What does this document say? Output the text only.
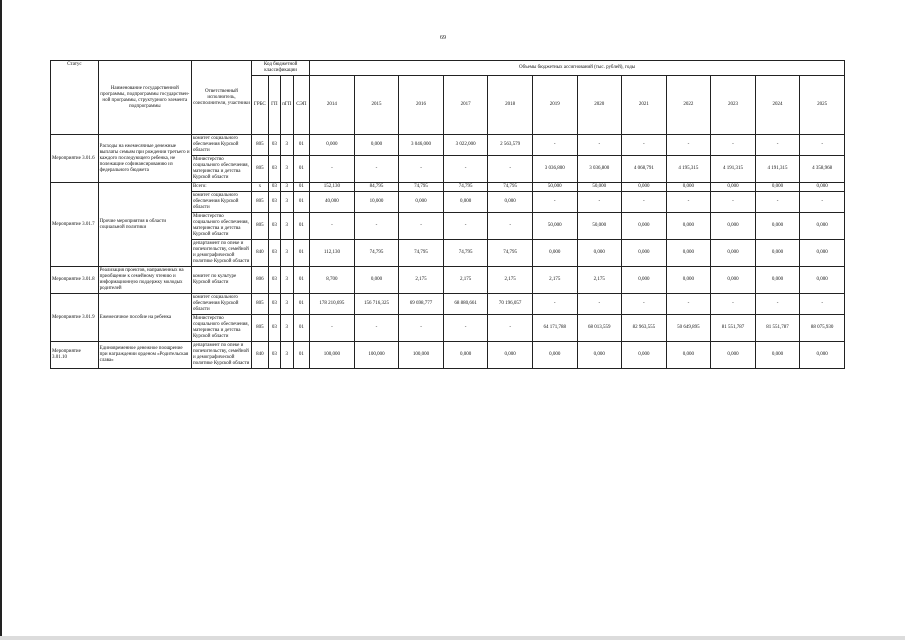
69
Статус	Наименование государственной программы, подпрограммы государствен-ной программы, структурного элемента подпрограммы	Ответственный исполнитель, соисполнители, участники	Код бюджетной классификации				Объемы бюджетных ассигнований (тыс. рублей), годы											
			ГРБС	ГП	пГП	СЭП	2014	2015	2016	2017	2018	2019	2020	2021	2022	2023	2024	2025
Мероприятие 3.01.6	Расходы на ежемесячные денежные выплаты семьям при рождении третьего и каждого последующего ребенка, не полежащие софинансированию из федерального бюджета	комитет социального обеспечения Курской области	805	03	3	01	0,000	0,000	3 046,000	3 022,000	2 563,579	-	-	-	-	-	-	-
		Министерство социального обеспечения, материнства и детства Курской области	805	03	3	01	-	-	-	-	-	3 036,800	3 036,800	4 068,791	4 195,315	4 191,315	4 191,315	4 358,968
Мероприятие 3.01.7	Прочие мероприятия в области социальной политики	Всего:	х	03	3	01	152,130	84,795	74,795	74,795	74,795	50,000	50,000	0,000	0,000	0,000	0,000	0,000
		комитет социального обеспечения Курской области	805	03	3	01	40,000	10,000	0,000	0,000	0,000	-	-	-	-	-	-	-
		Министерство социального обеспечения, материнства и детства Курской области	805	03	3	01	-	-	-	-	-	50,000	50,000	0,000	0,000	0,000	0,000	0,000
		департамент по опеке и попечительству, семейной и демографической политике Курской области	840	03	3	01	112,130	74,795	74,795	74,795	74,795	0,000	0,000	0,000	0,000	0,000	0,000	0,000
Мероприятие 3.01.8	Реализация проектов, направленных на приобщение к семейному чтению и информационную поддержку молодых родителей	комитет по культуре Курской области	806	03	3	01	8,700	0,000	2,175	2,175	2,175	2,175	2,175	0,000	0,000	0,000	0,000	0,000
Мероприятие 3.01.9	Ежемесячное пособие на ребенка	комитет социального обеспечения Курской области	805	03	3	01	178 210,695	156 716,325	69 698,777	68 880,661	70 196,057	-	-	-	-	-	-	-
		Министерство социального обеспечения, материнства и детства Курской области	805	03	3	01	-	-	-	-	-	64 171,788	68 013,559	82 963,555	50 649,895	81 551,787	81 551,787	88 075,930
Мероприятие 3.01.10	Единовременное денежное поощрение при награждении орденом «Родительская слава»	департамент по опеке и попечительству, семейной и демографической политике Курской области	840	03	3	01	100,000	100,000	100,000	0,000	0,000	0,000	0,000	0,000	0,000	0,000	0,000	0,000
